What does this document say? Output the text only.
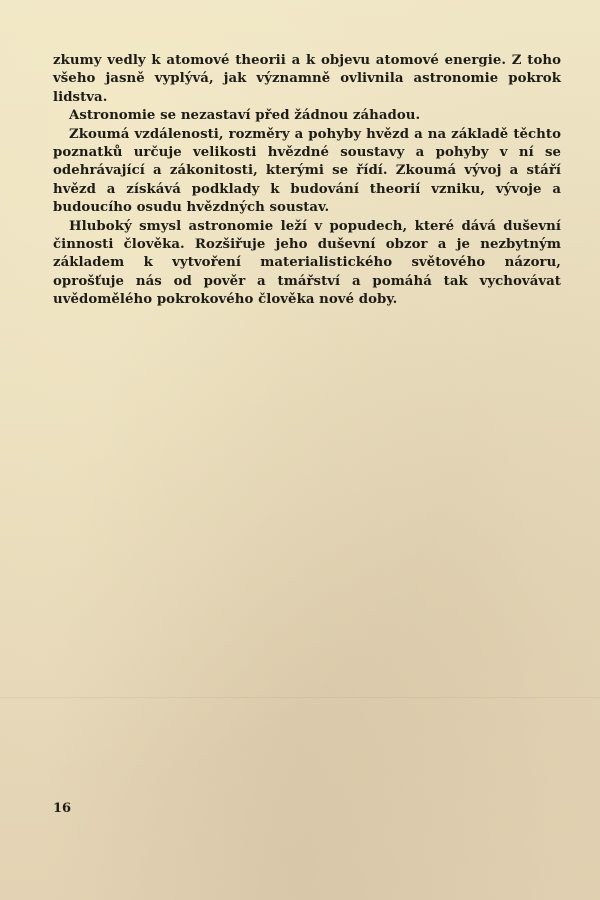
zkumy vedly k atomové theorii a k objevu atomové energie. Z toho všeho jasně vyplývá, jak významně ovlivnila astronomie pokrok lidstva.

Astronomie se nezastaví před žádnou záhadou.

Zkoumá vzdálenosti, rozměry a pohyby hvězd a na základě těchto poznatků určuje velikosti hvězdné soustavy a pohyby v ní se odehrávající a zákonitosti, kterými se řídí. Zkoumá vývoj a stáří hvězd a získává podklady k budování theorií vzniku, vývoje a budoucího osudu hvězdných soustav.

Hluboký smysl astronomie leží v popudech, které dává duševní činnosti člověka. Rozšiřuje jeho duševní obzor a je nezbytným základem k vytvoření materialistického světového názoru, oprošťuje nás od pověr a tmářství a pomáhá tak vychovávat uvědomělého pokrokového člověka nové doby.

16
